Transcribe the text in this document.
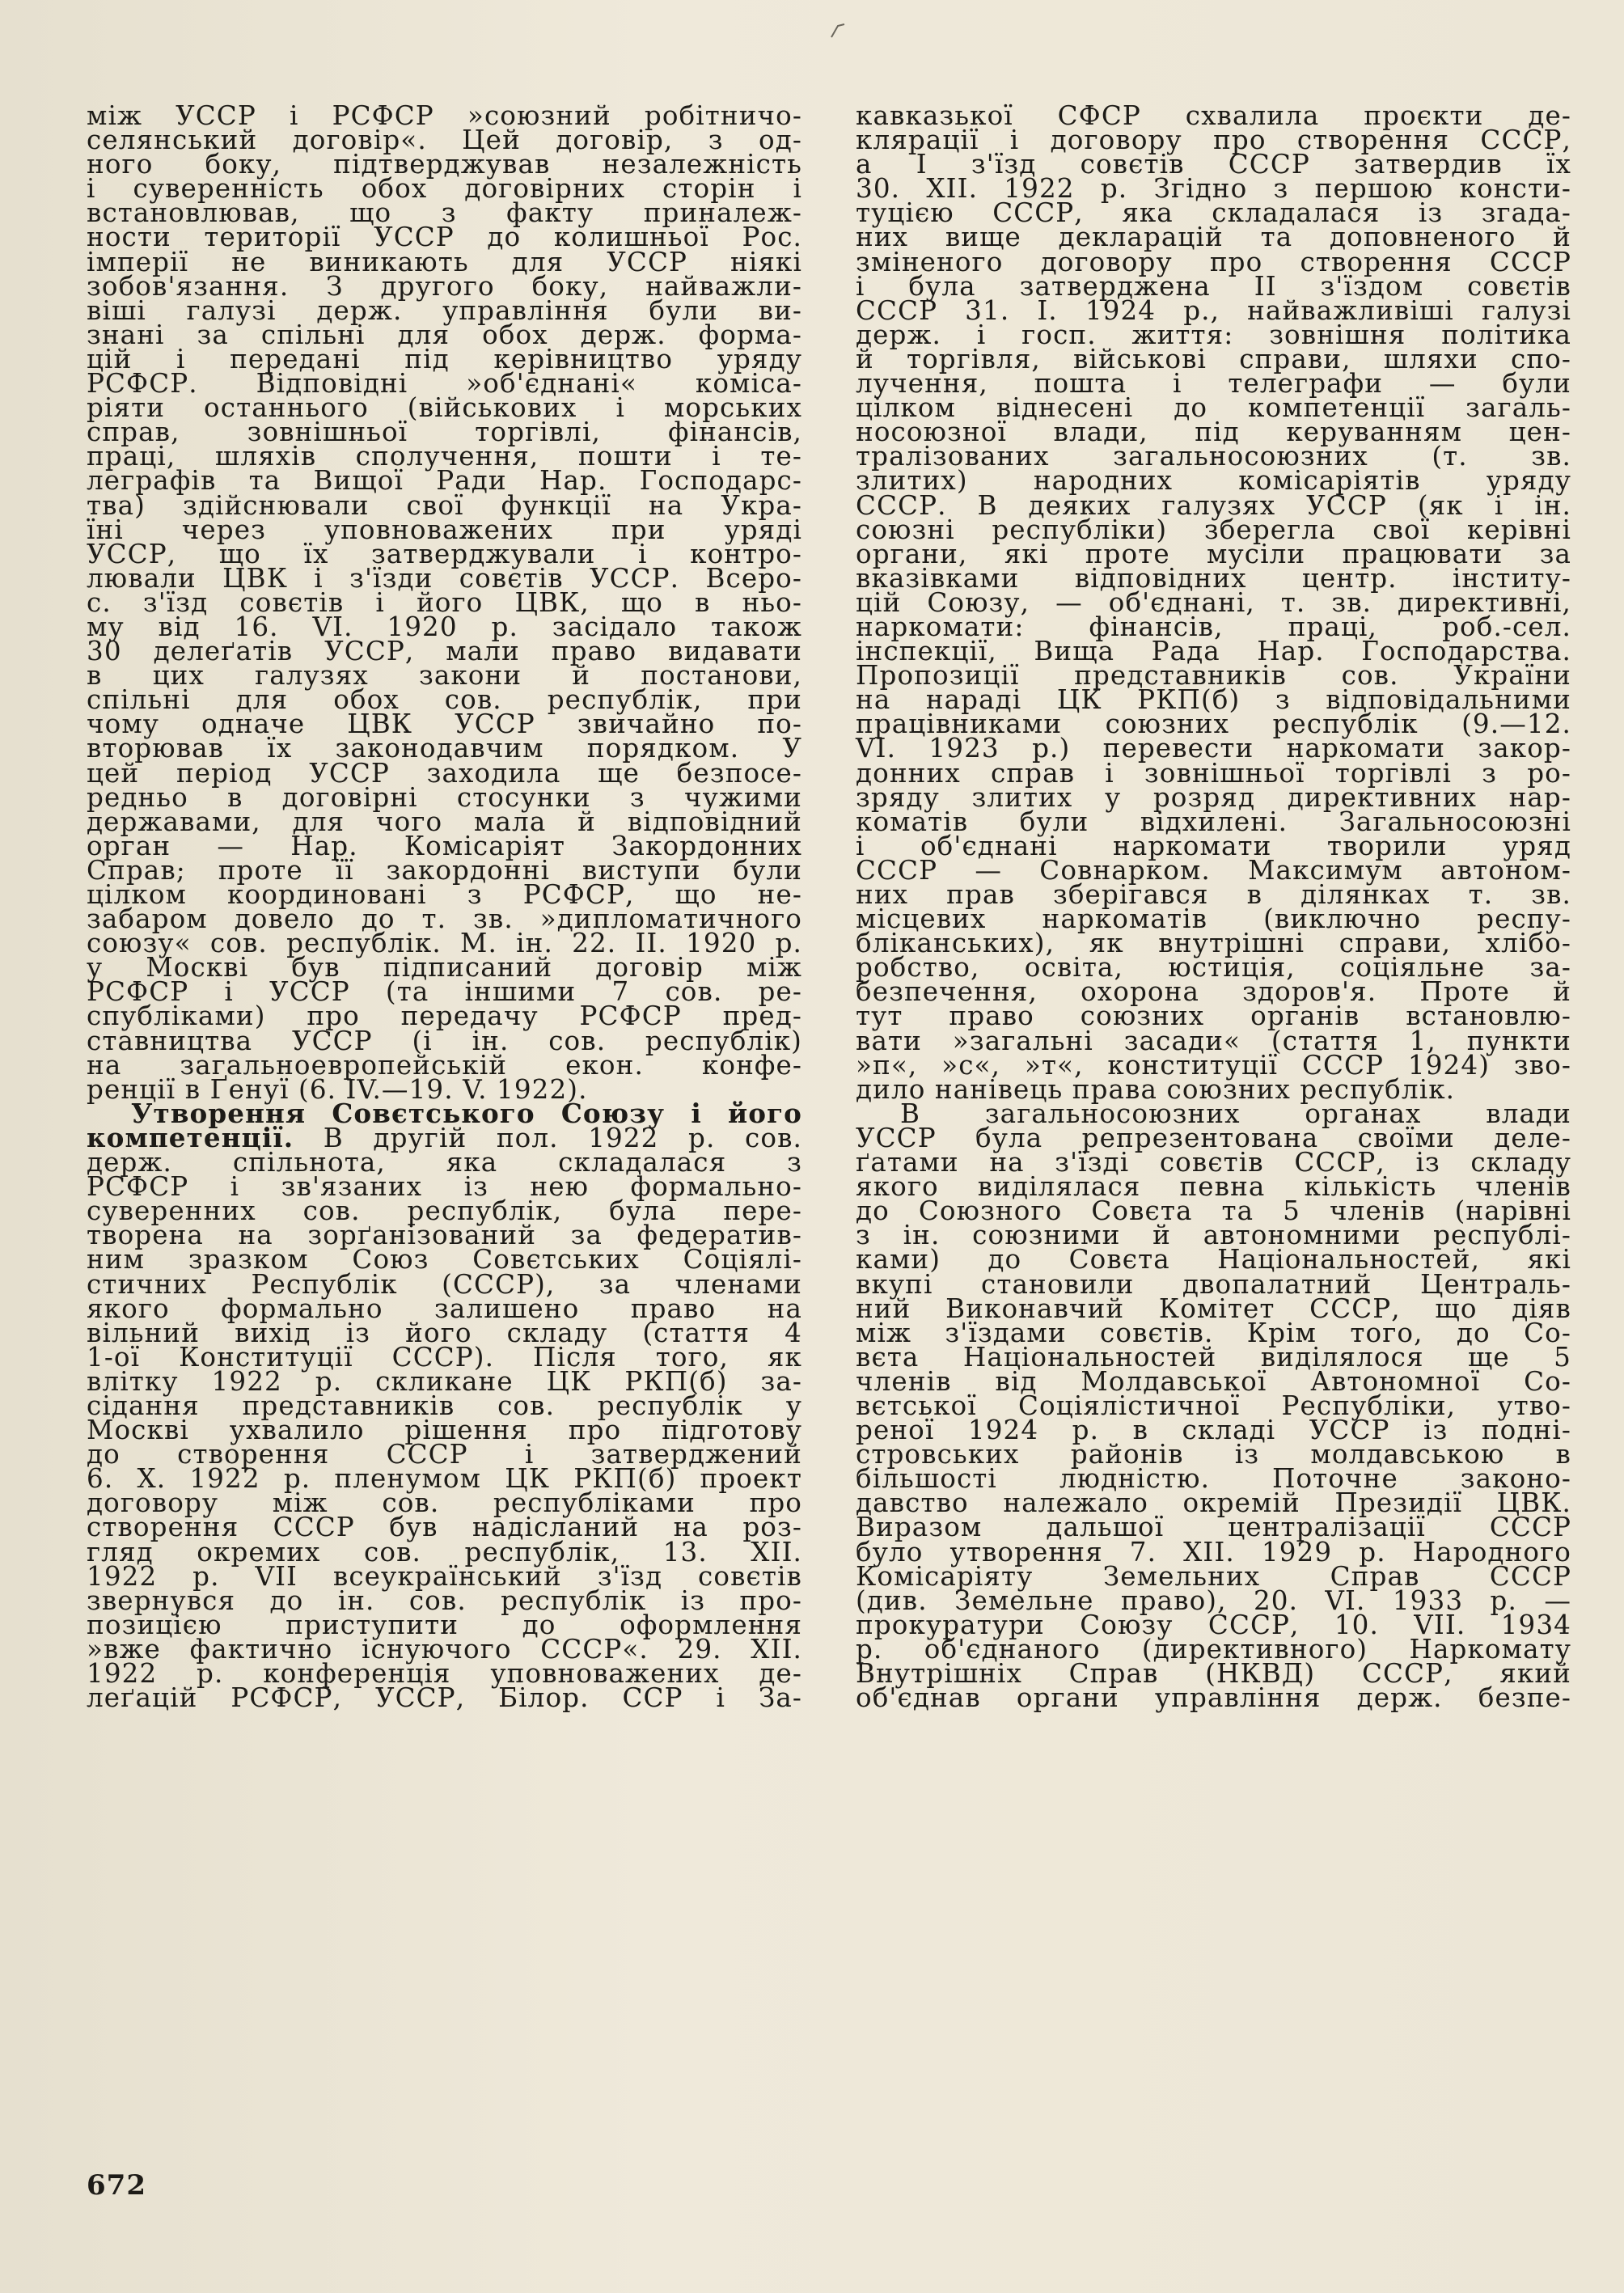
між УССР і РСФСР »союзний робітничо-
селянський договір«. Цей договір, з од-
ного боку, підтверджував незалежність
і суверенність обох договірних сторін і
встановлював, що з факту приналеж-
ности території УССР до колишньої Рос.
імперії не виникають для УССР ніякі
зобов'язання. З другого боку, найважли-
віші галузі держ. управління були ви-
знані за спільні для обох держ. форма-
цій і передані під керівництво уряду
РСФСР. Відповідні »об'єднані« коміса-
ріяти останнього (військових і морських
справ, зовнішньої торгівлі, фінансів,
праці, шляхів сполучення, пошти і те-
леграфів та Вищої Ради Нар. Господарс-
тва) здійснювали свої функції на Укра-
їні через уповноважених при уряді
УССР, що їх затверджували і контро-
лювали ЦВК і з'їзди совєтів УССР. Всеро-
с. з'їзд совєтів і його ЦВК, що в ньо-
му від 16. VI. 1920 р. засідало також
30 делеґатів УССР, мали право видавати
в цих галузях закони й постанови,
спільні для обох сов. республік, при
чому одначе ЦВК УССР звичайно по-
вторював їх законодавчим порядком. У
цей період УССР заходила ще безпосе-
редньо в договірні стосунки з чужими
державами, для чого мала й відповідний
орган — Нар. Комісаріят Закордонних
Справ; проте її закордонні виступи були
цілком координовані з РСФСР, що не-
забаром довело до т. зв. »дипломатичного
союзу« сов. республік. М. ін. 22. II. 1920 р.
у Москві був підписаний договір між
РСФСР і УССР (та іншими 7 сов. ре-
спубліками) про передачу РСФСР пред-
ставництва УССР (і ін. сов. республік)
на загальноевропейській екон. конфе-
ренції в Ґенуї (6. IV.—19. V. 1922).
Утворення Совєтського Союзу і його
компетенції. В другій пол. 1922 р. сов.
держ. спільнота, яка складалася з
РСФСР і зв'язаних із нею формально-
суверенних сов. республік, була пере-
творена на зорґанізований за федератив-
ним зразком Союз Совєтських Соціялі-
стичних Республік (СССР), за членами
якого формально залишено право на
вільний вихід із його складу (стаття 4
1-ої Конституції СССР). Після того, як
влітку 1922 р. скликане ЦК РКП(б) за-
сідання представників сов. республік у
Москві ухвалило рішення про підготову
до створення СССР і затверджений
6. X. 1922 р. пленумом ЦК РКП(б) проект
договору між сов. республіками про
створення СССР був надісланий на роз-
гляд окремих сов. республік, 13. XII.
1922 р. VII всеукраїнський з'їзд совєтів
звернувся до ін. сов. республік із про-
позицією приступити до оформлення
»вже фактично існуючого СССР«. 29. XII.
1922 р. конференція уповноважених де-
леґацій РСФСР, УССР, Білор. ССР і За-
кавказької СФСР схвалила проєкти де-
клярації і договору про створення СССР,
а I з'їзд совєтів СССР затвердив їх
30. XII. 1922 р. Згідно з першою консти-
туцією СССР, яка складалася із згада-
них вище декларацій та доповненого й
зміненого договору про створення СССР
і була затверджена II з'їздом совєтів
СССР 31. I. 1924 р., найважливіші галузі
держ. і госп. життя: зовнішня політика
й торгівля, військові справи, шляхи спо-
лучення, пошта і телеграфи — були
цілком віднесені до компетенції загаль-
носоюзної влади, під керуванням цен-
тралізованих загальносоюзних (т. зв.
злитих) народних комісаріятів уряду
СССР. В деяких галузях УССР (як і ін.
союзні республіки) зберегла свої керівні
органи, які проте мусіли працювати за
вказівками відповідних центр. інститу-
цій Союзу, — об'єднані, т. зв. директивні,
наркомати: фінансів, праці, роб.-сел.
інспекції, Вища Рада Нар. Господарства.
Пропозиції представників сов. України
на нараді ЦК РКП(б) з відповідальними
працівниками союзних республік (9.—12.
VI. 1923 р.) перевести наркомати закор-
донних справ і зовнішньої торгівлі з ро-
зряду злитих у розряд директивних нар-
коматів були відхилені. Загальносоюзні
і об'єднані наркомати творили уряд
СССР — Совнарком. Максимум автоном-
них прав зберігався в ділянках т. зв.
місцевих наркоматів (виключно респу-
бліканських), як внутрішні справи, хлібо-
робство, освіта, юстиція, соціяльне за-
безпечення, охорона здоров'я. Проте й
тут право союзних органів встановлю-
вати »загальні засади« (стаття 1, пункти
»п«, »с«, »т«, конституції СССР 1924) зво-
дило нанівець права союзних республік.
В загальносоюзних органах влади
УССР була репрезентована своїми деле-
ґатами на з'їзді совєтів СССР, із складу
якого виділялася певна кількість членів
до Союзного Совєта та 5 членів (нарівні
з ін. союзними й автономними республі-
ками) до Совєта Національностей, які
вкупі становили двопалатний Централь-
ний Виконавчий Комітет СССР, що діяв
між з'їздами совєтів. Крім того, до Со-
вєта Національностей виділялося ще 5
членів від Молдавської Автономної Со-
вєтської Соціялістичної Республіки, утво-
реної 1924 р. в складі УССР із подні-
стровських районів із молдавською в
більшості людністю. Поточне законо-
давство належало окремій Президії ЦВК.
Виразом дальшої централізації СССР
було утворення 7. XII. 1929 р. Народного
Комісаріяту Земельних Справ СССР
(див. Земельне право), 20. VI. 1933 р. —
прокуратури Союзу СССР, 10. VII. 1934
р. об'єднаного (директивного) Наркомату
Внутрішніх Справ (НКВД) СССР, який
об'єднав органи управління держ. безпе-
672
